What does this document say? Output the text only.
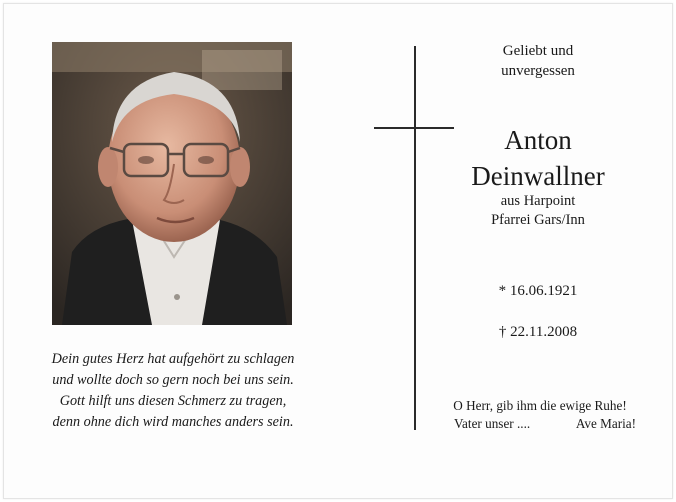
Dein gutes Herz hat aufgehört zu schlagen
und wollte doch so gern noch bei uns sein.
Gott hilft uns diesen Schmerz zu tragen,
denn ohne dich wird manches anders sein.
Geliebt und
unvergessen
Anton
Deinwallner
aus Harpoint
Pfarrei Gars/Inn
* 16.06.1921
† 22.11.2008
O Herr, gib ihm die ewige Ruhe!
Vater unser ....	Ave Maria!
